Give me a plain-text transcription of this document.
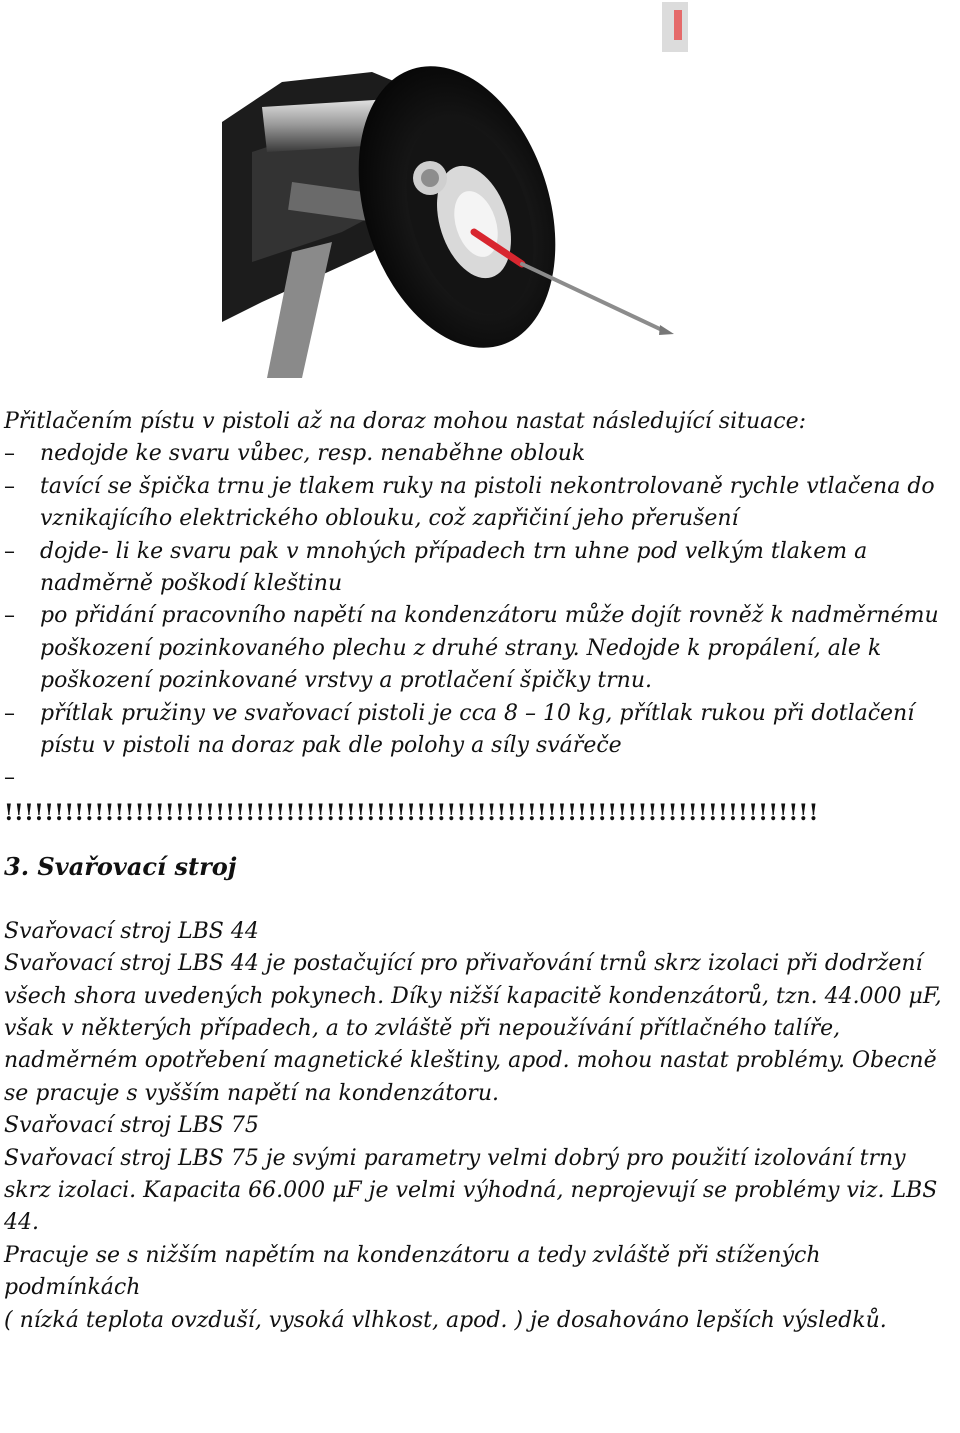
Přitlačením pístu v pistoli až na doraz mohou nastat následující situace:
–	nedojde ke svaru vůbec, resp. nenaběhne oblouk
–	tavící se špička trnu je tlakem ruky na pistoli nekontrolovaně rychle vtlačena do vznikajícího elektrického oblouku, což zapřičiní jeho přerušení
–	dojde- li ke svaru pak v mnohých případech trn uhne pod velkým tlakem a nadměrně poškodí kleštinu
–	po přidání pracovního napětí na kondenzátoru může dojít rovněž k nadměrnému poškození pozinkovaného plechu z druhé strany. Nedojde k propálení, ale k poškození pozinkované vrstvy a protlačení špičky trnu.
–	přítlak pružiny ve svařovací pistoli je cca 8 – 10 kg, přítlak rukou při dotlačení pístu v pistoli na doraz pak dle polohy a síly svářeče
–
!!!!!!!!!!!!!!!!!!!!!!!!!!!!!!!!!!!!!!!!!!!!!!!!!!!!!!!!!!!!!!!!!!!!!!!!!!!!!!!!!
3. Svařovací stroj
Svařovací stroj LBS 44
Svařovací stroj LBS 44 je postačující pro přivařování trnů skrz izolaci při dodržení všech shora uvedených pokynech. Díky nižší kapacitě kondenzátorů, tzn. 44.000 μF, však v některých případech, a to zvláště při nepoužívání přítlačného talíře, nadměrném opotřebení magnetické kleštiny, apod. mohou nastat problémy. Obecně se pracuje s vyšším napětí na kondenzátoru.
Svařovací stroj LBS 75
Svařovací stroj LBS 75 je svými parametry velmi dobrý pro použití izolování trny skrz izolaci. Kapacita 66.000 μF je velmi výhodná, neprojevují se problémy viz. LBS 44.
Pracuje se s nižším napětím na kondenzátoru a tedy zvláště při stížených podmínkách
( nízká teplota ovzduší, vysoká vlhkost, apod. ) je dosahováno lepších výsledků.
